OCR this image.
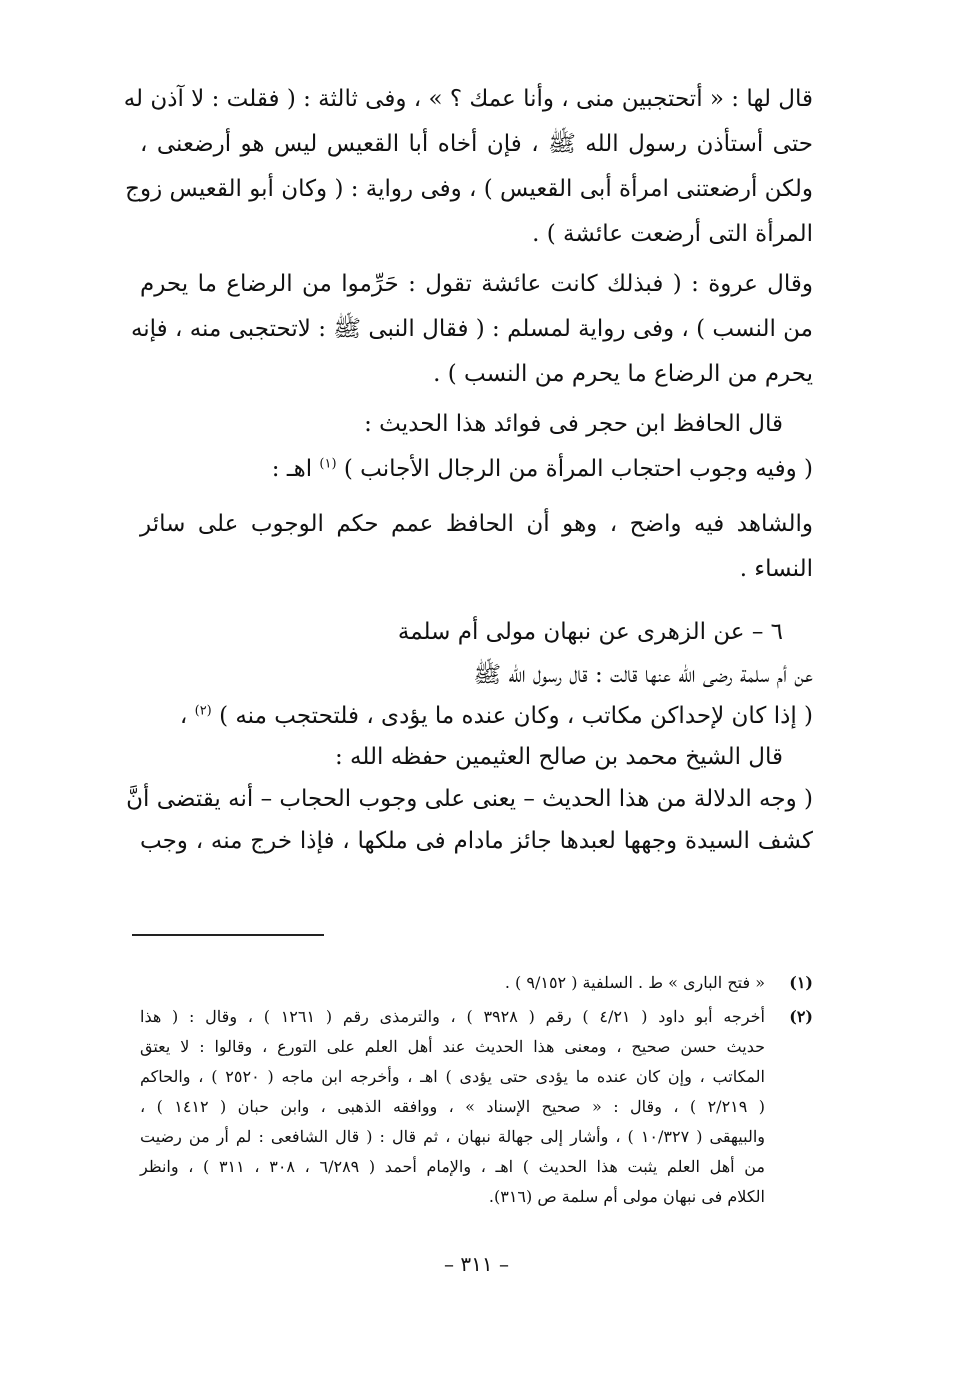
قال لها : « أتحتجبين منى ، وأنا عمك ؟ » ، وفى ثالثة : ( فقلت : لا آذن له
حتى أستأذن رسول الله ﷺ ، فإن أخاه أبا القعيس ليس هو أرضعنى ،
ولكن أرضعتنى امرأة أبى القعيس ) ، وفى رواية : ( وكان أبو القعيس زوج
المرأة التى أرضعت عائشة ) .
وقال عروة : ( فبذلك كانت عائشة تقول : حَرِّموا من الرضاع ما يحرم
من النسب ) ، وفى رواية لمسلم : ( فقال النبى ﷺ : لاتحتجبى منه ، فإنه
يحرم من الرضاع ما يحرم من النسب ) .
قال الحافظ ابن حجر فى فوائد هذا الحديث :
( وفيه وجوب احتجاب المرأة من الرجال الأجانب ) $^{(١)}$ اهـ :
والشاهد فيه واضح ، وهو أن الحافظ عمم حكم الوجوب على سائر
النساء .
٦ – عن الزهرى عن نبهان مولى أم سلمة
عن أم سلمة رضى الله عنها قالت : قال رسول الله ﷺ
( إذا كان لإحداكن مكاتب ، وكان عنده ما يؤدى ، فلتحتجب منه ) $^{(٢)}$ ،
قال الشيخ محمد بن صالح العثيمين حفظه الله :
( وجه الدلالة من هذا الحديث – يعنى على وجوب الحجاب – أنه يقتضى أنَّ
كشف السيدة وجهها لعبدها جائز مادام فى ملكها ، فإذا خرج منه ، وجب
(١)
« فتح البارى » ط . السلفية ( ٩/١٥٢ ) .
(٢)
أخرجه أبو داود ( ٤/٢١ ) رقم ( ٣٩٢٨ ) ، والترمذى رقم ( ١٢٦١ ) ، وقال : ( هذا
حديث حسن صحيح ، ومعنى هذا الحديث عند أهل العلم على التورع ، وقالوا : لا يعتق
المكاتب ، وإن كان عنده ما يؤدى حتى يؤدى ) اهـ ، وأخرجه ابن ماجه ( ٢٥٢٠ ) ، والحاكم
( ٢/٢١٩ ) ، وقال : « صحيح الإسناد » ، ووافقه الذهبى ، وابن حبان ( ١٤١٢ ) ،
والبيهقى ( ١٠/٣٢٧ ) ، وأشار إلى جهالة نبهان ، ثم قال : ( قال الشافعى : لم أر من رضيت
من أهل العلم يثبت هذا الحديث ) اهـ ، والإمام أحمد ( ٦/٢٨٩ ، ٣٠٨ ، ٣١١ ) ، وانظر
الكلام فى نبهان مولى أم سلمة ص (٣١٦).
– ٣١١ –
